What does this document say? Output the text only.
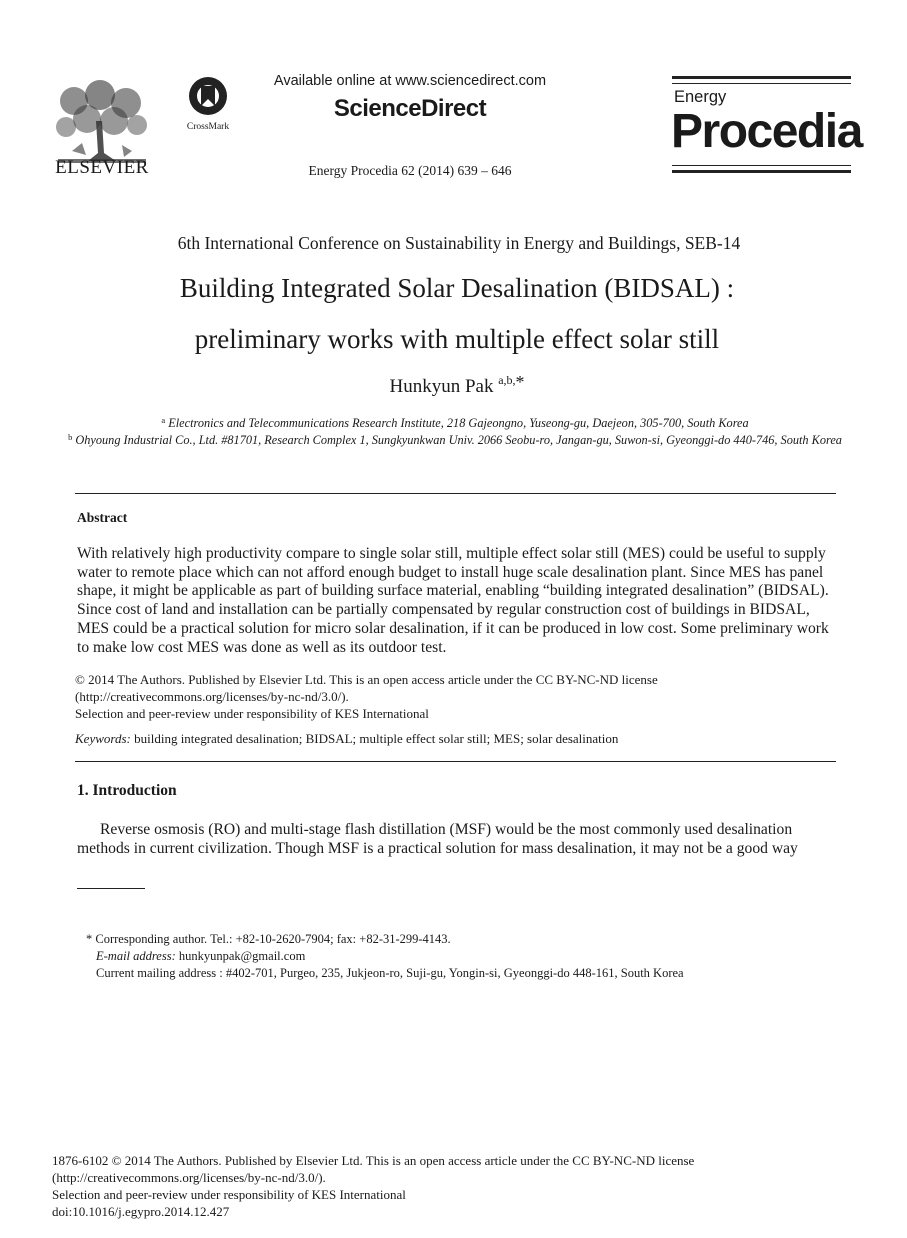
ELSEVIER
CrossMark
Available online at www.sciencedirect.com
ScienceDirect
Energy Procedia 62 (2014) 639 – 646
Energy
Procedia
6th International Conference on Sustainability in Energy and Buildings, SEB-14
Building Integrated Solar Desalination (BIDSAL) :
preliminary works with multiple effect solar still
Hunkyun Pak $^{a,b,*}$
$^a$ Electronics and Telecommunications Research Institute, 218 Gajeongno, Yuseong-gu, Daejeon, 305-700, South Korea
$^b$ Ohyoung Industrial Co., Ltd. #81701, Research Complex 1, Sungkyunkwan Univ. 2066 Seobu-ro, Jangan-gu, Suwon-si, Gyeonggi-do 440-746, South Korea
Abstract
With relatively high productivity compare to single solar still, multiple effect solar still (MES) could be useful to supply water to remote place which can not afford enough budget to install huge scale desalination plant. Since MES has panel shape, it might be applicable as part of building surface material, enabling “building integrated desalination” (BIDSAL). Since cost of land and installation can be partially compensated by regular construction cost of buildings in BIDSAL, MES could be a practical solution for micro solar desalination, if it can be produced in low cost. Some preliminary work to make low cost MES was done as well as its outdoor test.
© 2014 The Authors. Published by Elsevier Ltd. This is an open access article under the CC BY-NC-ND license (http://creativecommons.org/licenses/by-nc-nd/3.0/).
Selection and peer-review under responsibility of KES International
Keywords: building integrated desalination; BIDSAL; multiple effect solar still; MES; solar desalination
1. Introduction
Reverse osmosis (RO) and multi-stage flash distillation (MSF) would be the most commonly used desalination methods in current civilization. Though MSF is a practical solution for mass desalination, it may not be a good way
* Corresponding author. Tel.: +82-10-2620-7904; fax: +82-31-299-4143.
E-mail address: hunkyunpak@gmail.com
Current mailing address : #402-701, Purgeo, 235, Jukjeon-ro, Suji-gu, Yongin-si, Gyeonggi-do 448-161, South Korea
1876-6102 © 2014 The Authors. Published by Elsevier Ltd. This is an open access article under the CC BY-NC-ND license
(http://creativecommons.org/licenses/by-nc-nd/3.0/).
Selection and peer-review under responsibility of KES International
doi:10.1016/j.egypro.2014.12.427
